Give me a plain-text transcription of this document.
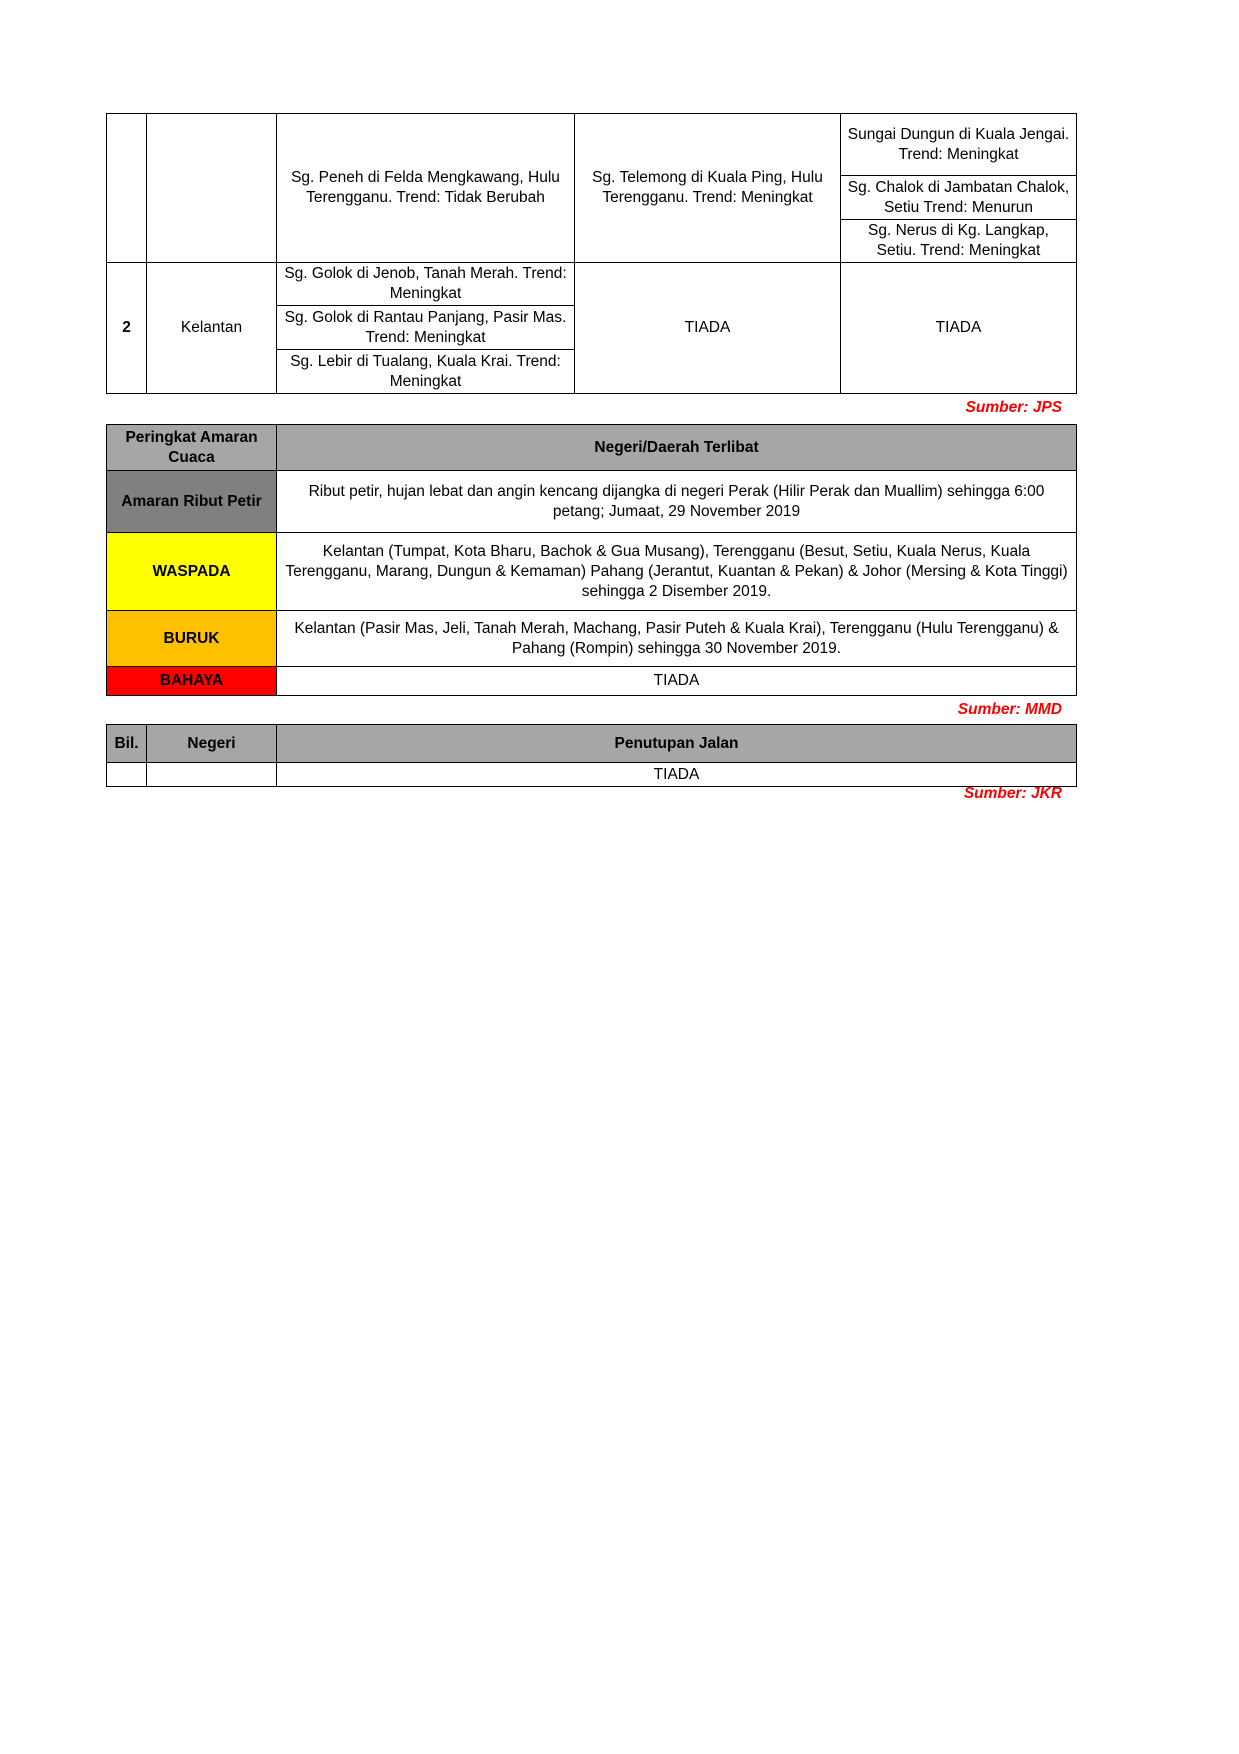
		Sg. Peneh di Felda Mengkawang, Hulu Terengganu. Trend: Tidak Berubah	Sg. Telemong di Kuala Ping, Hulu Terengganu. Trend: Meningkat	Sungai Dungun di Kuala Jengai. Trend: Meningkat
				Sg. Chalok di Jambatan Chalok, Setiu Trend: Menurun
				Sg. Nerus di Kg. Langkap, Setiu. Trend: Meningkat
2	Kelantan	Sg. Golok di Jenob, Tanah Merah. Trend: Meningkat	TIADA	TIADA
		Sg. Golok di Rantau Panjang, Pasir Mas. Trend: Meningkat		
		Sg. Lebir di Tualang, Kuala Krai. Trend: Meningkat		
Sumber: JPS
Peringkat Amaran Cuaca	Negeri/Daerah Terlibat
Amaran Ribut Petir	Ribut petir, hujan lebat dan angin kencang dijangka di negeri Perak (Hilir Perak dan Muallim) sehingga 6:00 petang; Jumaat, 29 November 2019
WASPADA	Kelantan (Tumpat, Kota Bharu, Bachok & Gua Musang), Terengganu (Besut, Setiu, Kuala Nerus, Kuala Terengganu, Marang, Dungun & Kemaman) Pahang (Jerantut, Kuantan & Pekan) & Johor (Mersing & Kota Tinggi) sehingga 2 Disember 2019.
BURUK	Kelantan (Pasir Mas, Jeli, Tanah Merah, Machang, Pasir Puteh & Kuala Krai), Terengganu (Hulu Terengganu) & Pahang (Rompin) sehingga 30 November 2019.
BAHAYA	TIADA
Sumber: MMD
Bil.	Negeri	Penutupan Jalan
		TIADA
Sumber: JKR
